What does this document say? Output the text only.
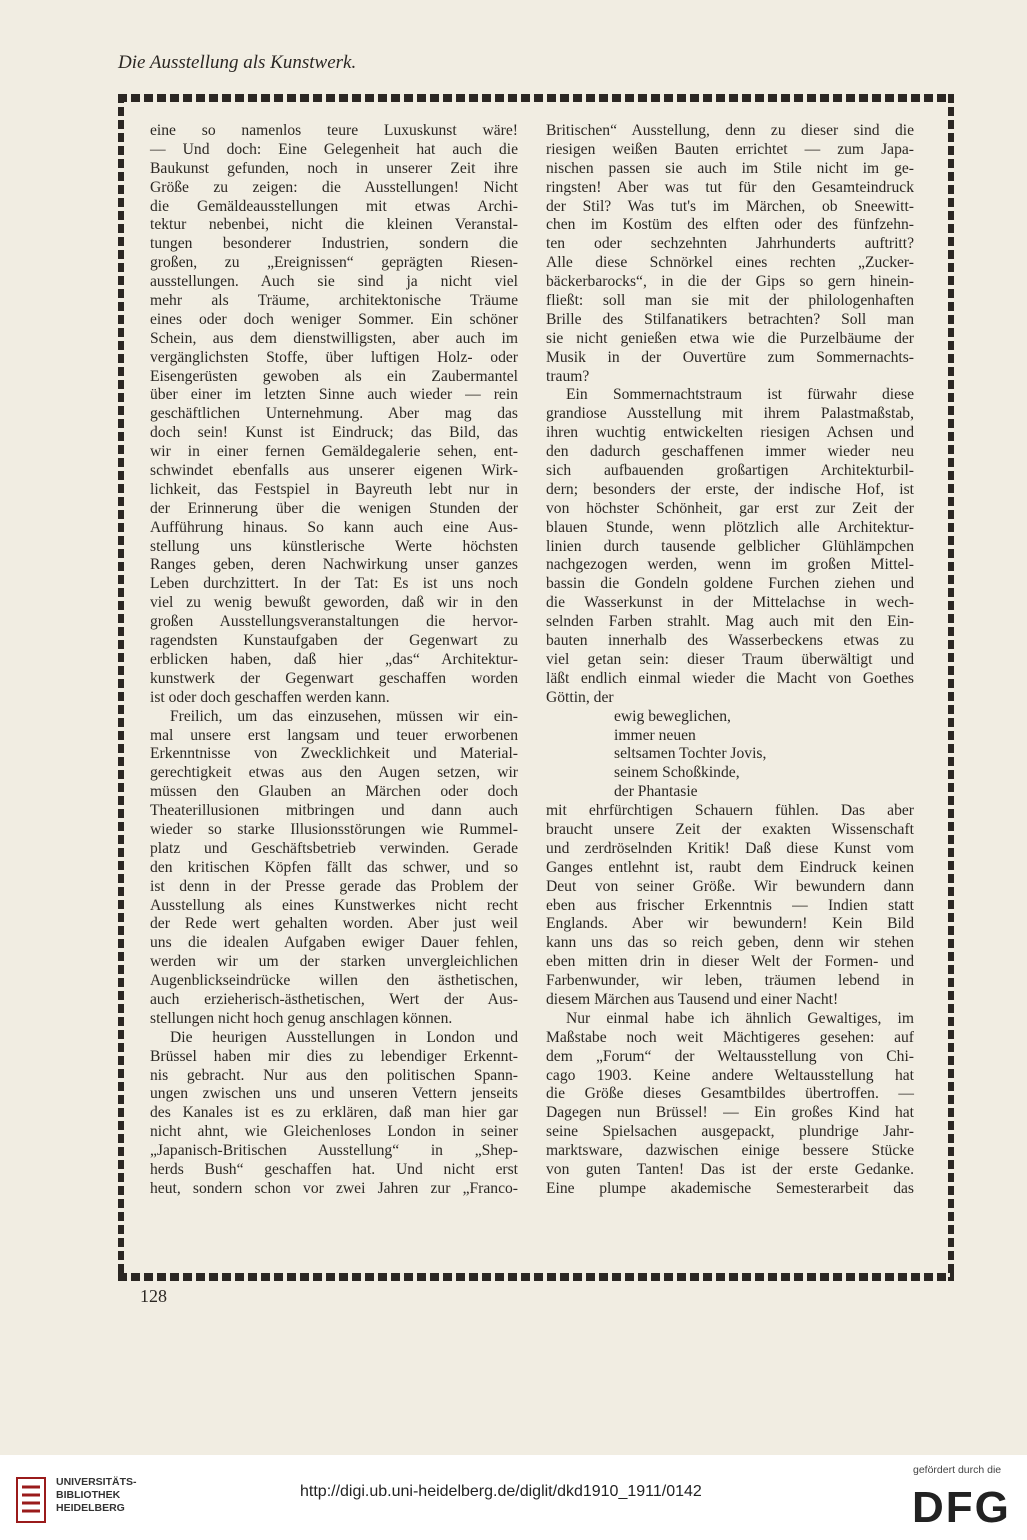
Die Ausstellung als Kunstwerk.
eine so namenlos teure Luxuskunst wäre!
— Und doch: Eine Gelegenheit hat auch die
Baukunst gefunden, noch in unserer Zeit ihre
Größe zu zeigen: die Ausstellungen! Nicht
die Gemäldeausstellungen mit etwas Archi-
tektur nebenbei, nicht die kleinen Veranstal-
tungen besonderer Industrien, sondern die
großen, zu „Ereignissen“ geprägten Riesen-
ausstellungen. Auch sie sind ja nicht viel
mehr als Träume, architektonische Träume
eines oder doch weniger Sommer. Ein schöner
Schein, aus dem dienstwilligsten, aber auch im
vergänglichsten Stoffe, über luftigen Holz- oder
Eisengerüsten gewoben als ein Zaubermantel
über einer im letzten Sinne auch wieder — rein
geschäftlichen Unternehmung. Aber mag das
doch sein! Kunst ist Eindruck; das Bild, das
wir in einer fernen Gemäldegalerie sehen, ent-
schwindet ebenfalls aus unserer eigenen Wirk-
lichkeit, das Festspiel in Bayreuth lebt nur in
der Erinnerung über die wenigen Stunden der
Aufführung hinaus. So kann auch eine Aus-
stellung uns künstlerische Werte höchsten
Ranges geben, deren Nachwirkung unser ganzes
Leben durchzittert. In der Tat: Es ist uns noch
viel zu wenig bewußt geworden, daß wir in den
großen Ausstellungsveranstaltungen die hervor-
ragendsten Kunstaufgaben der Gegenwart zu
erblicken haben, daß hier „das“ Architektur-
kunstwerk der Gegenwart geschaffen worden
ist oder doch geschaffen werden kann.
Freilich, um das einzusehen, müssen wir ein-
mal unsere erst langsam und teuer erworbenen
Erkenntnisse von Zwecklichkeit und Material-
gerechtigkeit etwas aus den Augen setzen, wir
müssen den Glauben an Märchen oder doch
Theaterillusionen mitbringen und dann auch
wieder so starke Illusionsstörungen wie Rummel-
platz und Geschäftsbetrieb verwinden. Gerade
den kritischen Köpfen fällt das schwer, und so
ist denn in der Presse gerade das Problem der
Ausstellung als eines Kunstwerkes nicht recht
der Rede wert gehalten worden. Aber just weil
uns die idealen Aufgaben ewiger Dauer fehlen,
werden wir um der starken unvergleichlichen
Augenblickseindrücke willen den ästhetischen,
auch erzieherisch-ästhetischen, Wert der Aus-
stellungen nicht hoch genug anschlagen können.
Die heurigen Ausstellungen in London und
Brüssel haben mir dies zu lebendiger Erkennt-
nis gebracht. Nur aus den politischen Spann-
ungen zwischen uns und unseren Vettern jenseits
des Kanales ist es zu erklären, daß man hier gar
nicht ahnt, wie Gleichenloses London in seiner
„Japanisch-Britischen Ausstellung“ in „Shep-
herds Bush“ geschaffen hat. Und nicht erst
heut, sondern schon vor zwei Jahren zur „Franco-
Britischen“ Ausstellung, denn zu dieser sind die
riesigen weißen Bauten errichtet — zum Japa-
nischen passen sie auch im Stile nicht im ge-
ringsten! Aber was tut für den Gesamteindruck
der Stil? Was tut's im Märchen, ob Sneewitt-
chen im Kostüm des elften oder des fünfzehn-
ten oder sechzehnten Jahrhunderts auftritt?
Alle diese Schnörkel eines rechten „Zucker-
bäckerbarocks“, in die der Gips so gern hinein-
fließt: soll man sie mit der philologenhaften
Brille des Stilfanatikers betrachten? Soll man
sie nicht genießen etwa wie die Purzelbäume der
Musik in der Ouvertüre zum Sommernachts-
traum?
Ein Sommernachtstraum ist fürwahr diese
grandiose Ausstellung mit ihrem Palastmaßstab,
ihren wuchtig entwickelten riesigen Achsen und
den dadurch geschaffenen immer wieder neu
sich aufbauenden großartigen Architekturbil-
dern; besonders der erste, der indische Hof, ist
von höchster Schönheit, gar erst zur Zeit der
blauen Stunde, wenn plötzlich alle Architektur-
linien durch tausende gelblicher Glühlämpchen
nachgezogen werden, wenn im großen Mittel-
bassin die Gondeln goldene Furchen ziehen und
die Wasserkunst in der Mittelachse in wech-
selnden Farben strahlt. Mag auch mit den Ein-
bauten innerhalb des Wasserbeckens etwas zu
viel getan sein: dieser Traum überwältigt und
läßt endlich einmal wieder die Macht von Goethes
Göttin, der
ewig beweglichen,
immer neuen
seltsamen Tochter Jovis,
seinem Schoßkinde,
der Phantasie
mit ehrfürchtigen Schauern fühlen. Das aber
braucht unsere Zeit der exakten Wissenschaft
und zerdröselnden Kritik! Daß diese Kunst vom
Ganges entlehnt ist, raubt dem Eindruck keinen
Deut von seiner Größe. Wir bewundern dann
eben aus frischer Erkenntnis — Indien statt
Englands. Aber wir bewundern! Kein Bild
kann uns das so reich geben, denn wir stehen
eben mitten drin in dieser Welt der Formen- und
Farbenwunder, wir leben, träumen lebend in
diesem Märchen aus Tausend und einer Nacht!
Nur einmal habe ich ähnlich Gewaltiges, im
Maßstabe noch weit Mächtigeres gesehen: auf
dem „Forum“ der Weltausstellung von Chi-
cago 1903. Keine andere Weltausstellung hat
die Größe dieses Gesamtbildes übertroffen. —
Dagegen nun Brüssel! — Ein großes Kind hat
seine Spielsachen ausgepackt, plundrige Jahr-
marktsware, dazwischen einige bessere Stücke
von guten Tanten! Das ist der erste Gedanke.
Eine plumpe akademische Semesterarbeit das
128
UNIVERSITÄTS-
BIBLIOTHEK
HEIDELBERG
http://digi.ub.uni-heidelberg.de/diglit/dkd1910_1911/0142
gefördert durch die
DFG
